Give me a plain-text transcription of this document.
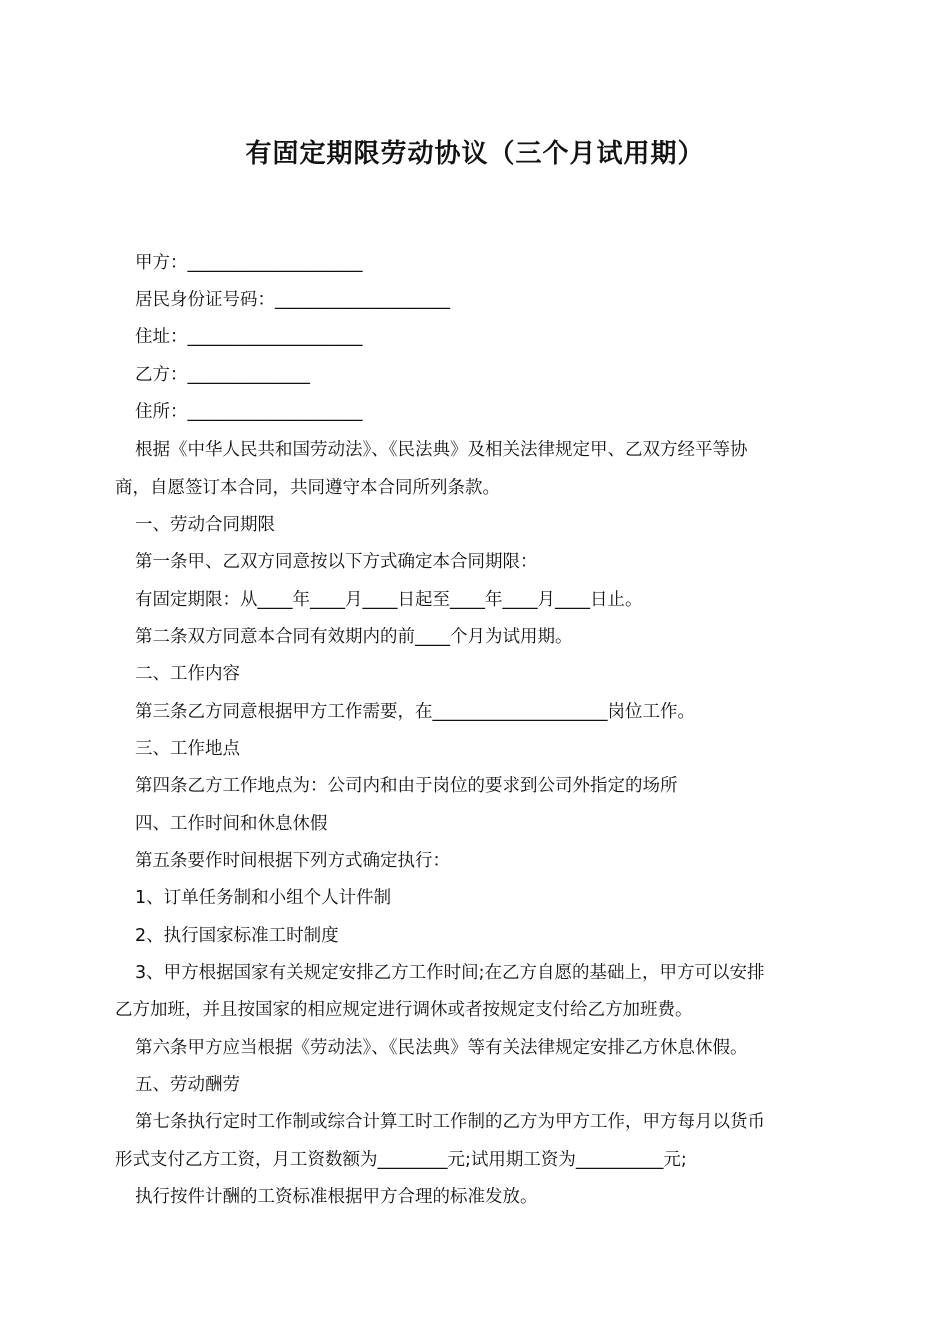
有固定期限劳动协议（三个月试用期）
甲方：____________________
居民身份证号码：____________________
住址：____________________
乙方：______________
住所：____________________
根据《中华人民共和国劳动法》、《民法典》及相关法律规定甲、乙双方经平等协
商，自愿签订本合同，共同遵守本合同所列条款。
一、劳动合同期限
第一条甲、乙双方同意按以下方式确定本合同期限：
有固定期限：从____年____月____日起至____年____月____日止。
第二条双方同意本合同有效期内的前____个月为试用期。
二、工作内容
第三条乙方同意根据甲方工作需要，在____________________岗位工作。
三、工作地点
第四条乙方工作地点为：公司内和由于岗位的要求到公司外指定的场所
四、工作时间和休息休假
第五条要作时间根据下列方式确定执行：
1、订单任务制和小组个人计件制
2、执行国家标准工时制度
3、甲方根据国家有关规定安排乙方工作时间;在乙方自愿的基础上，甲方可以安排
乙方加班，并且按国家的相应规定进行调休或者按规定支付给乙方加班费。
第六条甲方应当根据《劳动法》、《民法典》等有关法律规定安排乙方休息休假。
五、劳动酬劳
第七条执行定时工作制或综合计算工时工作制的乙方为甲方工作，甲方每月以货币
形式支付乙方工资，月工资数额为________元;试用期工资为__________元;
执行按件计酬的工资标准根据甲方合理的标准发放。
